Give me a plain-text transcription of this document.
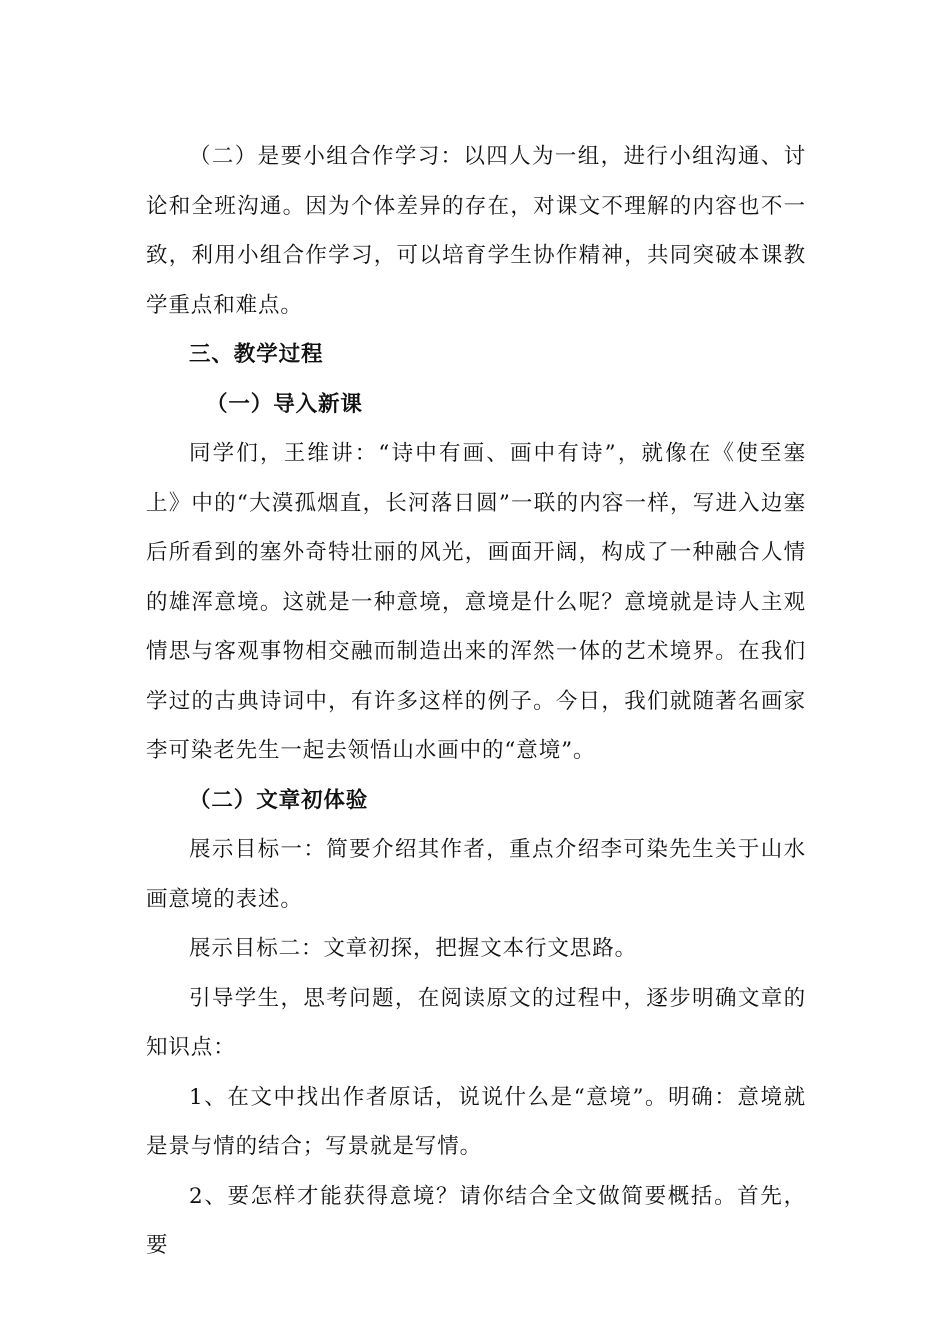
（二）是要小组合作学习：以四人为一组，进行小组沟通、讨论和全班沟通。因为个体差异的存在，对课文不理解的内容也不一致，利用小组合作学习，可以培育学生协作精神，共同突破本课教学重点和难点。

三、教学过程

（一）导入新课

同学们，王维讲：“诗中有画、画中有诗”，就像在《使至塞上》中的“大漠孤烟直，长河落日圆”一联的内容一样，写进入边塞后所看到的塞外奇特壮丽的风光，画面开阔，构成了一种融合人情的雄浑意境。这就是一种意境，意境是什么呢？意境就是诗人主观情思与客观事物相交融而制造出来的浑然一体的艺术境界。在我们学过的古典诗词中，有许多这样的例子。今日，我们就随著名画家李可染老先生一起去领悟山水画中的“意境”。

（二）文章初体验

展示目标一：简要介绍其作者，重点介绍李可染先生关于山水画意境的表述。

展示目标二：文章初探，把握文本行文思路。

引导学生，思考问题，在阅读原文的过程中，逐步明确文章的知识点：

1、在文中找出作者原话，说说什么是“意境”。明确：意境就是景与情的结合；写景就是写情。

2、要怎样才能获得意境？请你结合全文做简要概括。首先，要
